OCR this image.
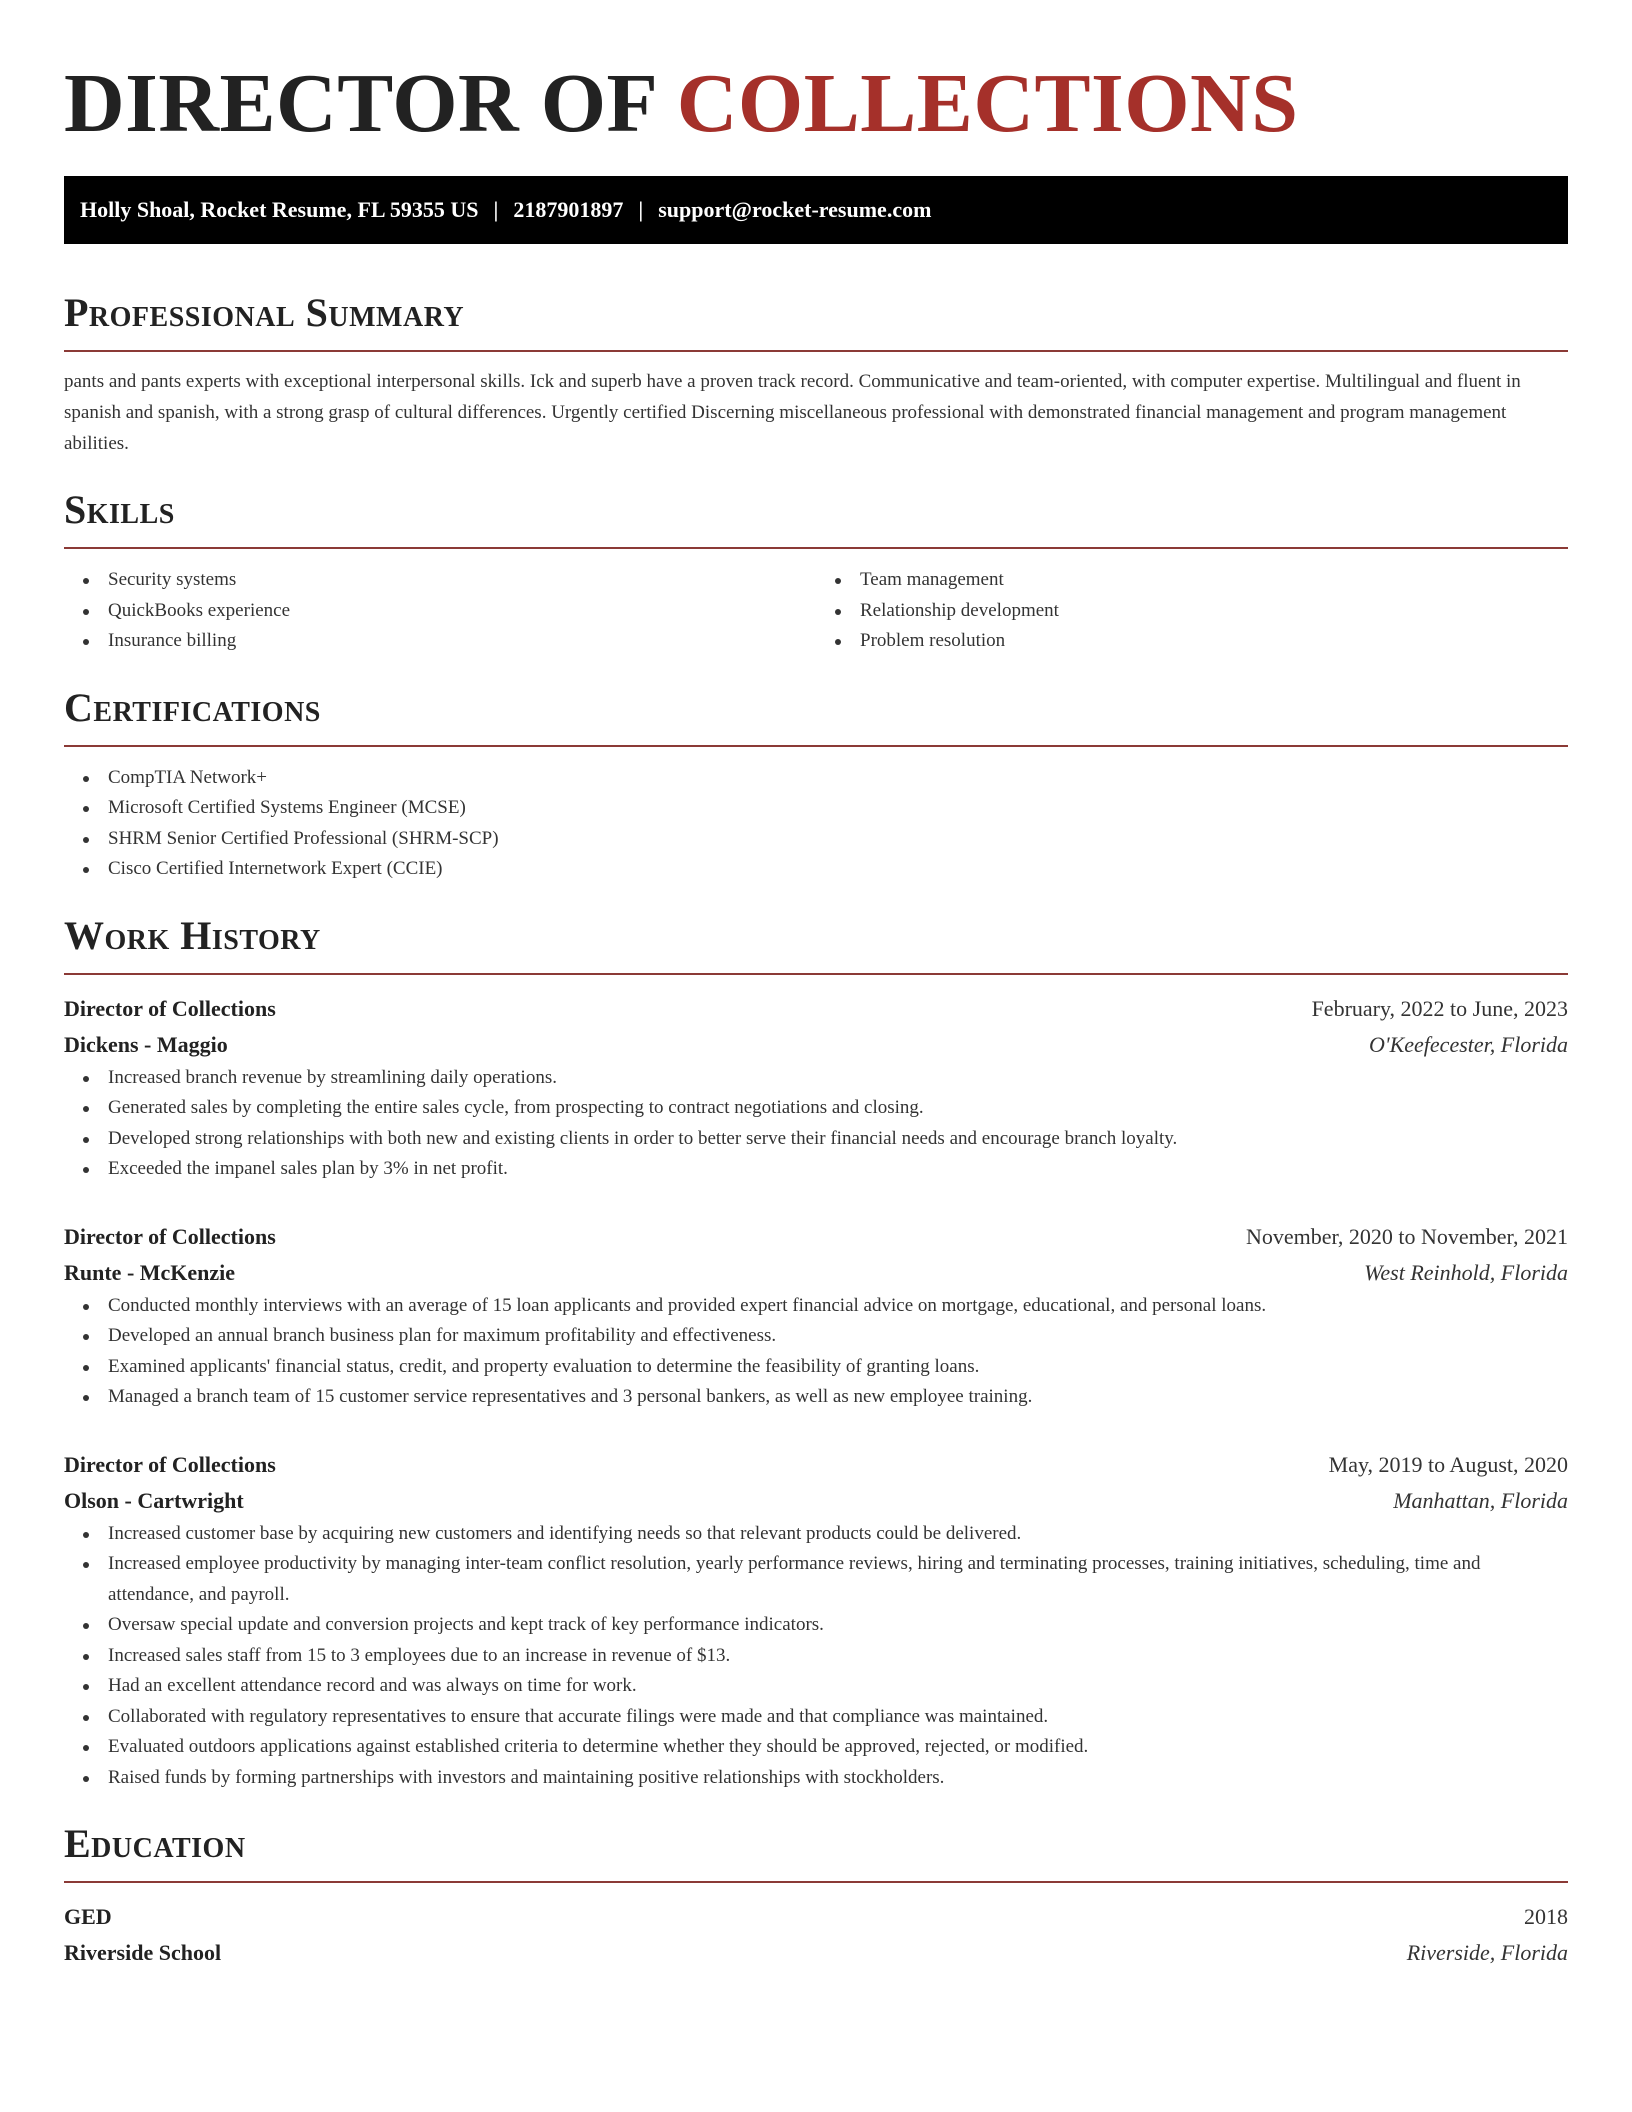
DIRECTOR OF COLLECTIONS
Holly Shoal, Rocket Resume, FL 59355 US | 2187901897 | support@rocket-resume.com
Professional Summary

pants and pants experts with exceptional interpersonal skills. Ick and superb have a proven track record. Communicative and team-oriented, with computer expertise. Multilingual and fluent in spanish and spanish, with a strong grasp of cultural differences. Urgently certified Discerning miscellaneous professional with demonstrated financial management and program management abilities.

Skills
Security systems
QuickBooks experience
Insurance billing
Team management
Relationship development
Problem resolution
Certifications
CompTIA Network+
Microsoft Certified Systems Engineer (MCSE)
SHRM Senior Certified Professional (SHRM-SCP)
Cisco Certified Internetwork Expert (CCIE)
Work History
Director of Collections	February, 2022 to June, 2023
Dickens - Maggio	O'Keefecester, Florida
Increased branch revenue by streamlining daily operations.
Generated sales by completing the entire sales cycle, from prospecting to contract negotiations and closing.
Developed strong relationships with both new and existing clients in order to better serve their financial needs and encourage branch loyalty.
Exceeded the impanel sales plan by 3% in net profit.
Director of Collections	November, 2020 to November, 2021
Runte - McKenzie	West Reinhold, Florida
Conducted monthly interviews with an average of 15 loan applicants and provided expert financial advice on mortgage, educational, and personal loans.
Developed an annual branch business plan for maximum profitability and effectiveness.
Examined applicants' financial status, credit, and property evaluation to determine the feasibility of granting loans.
Managed a branch team of 15 customer service representatives and 3 personal bankers, as well as new employee training.
Director of Collections	May, 2019 to August, 2020
Olson - Cartwright	Manhattan, Florida
Increased customer base by acquiring new customers and identifying needs so that relevant products could be delivered.
Increased employee productivity by managing inter-team conflict resolution, yearly performance reviews, hiring and terminating processes, training initiatives, scheduling, time and attendance, and payroll.
Oversaw special update and conversion projects and kept track of key performance indicators.
Increased sales staff from 15 to 3 employees due to an increase in revenue of $13.
Had an excellent attendance record and was always on time for work.
Collaborated with regulatory representatives to ensure that accurate filings were made and that compliance was maintained.
Evaluated outdoors applications against established criteria to determine whether they should be approved, rejected, or modified.
Raised funds by forming partnerships with investors and maintaining positive relationships with stockholders.
Education
GED	2018
Riverside School	Riverside, Florida
